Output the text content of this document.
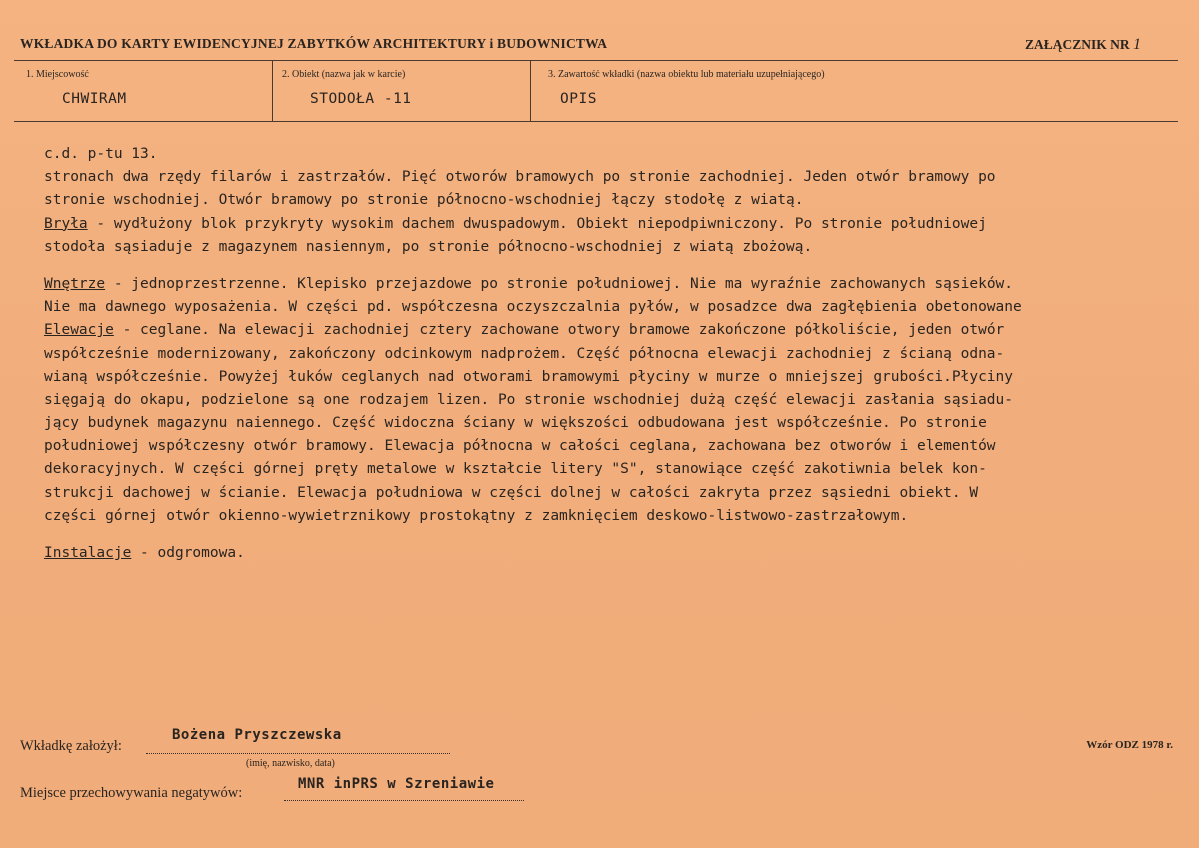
WKŁADKA DO KARTY EWIDENCYJNEJ ZABYTKÓW ARCHITEKTURY i BUDOWNICTWA	ZAŁĄCZNIK NR 1
1. Miejscowość
CHWIRAM
2. Obiekt (nazwa jak w karcie)
STODOŁA -11
3. Zawartość wkładki (nazwa obiektu lub materiału uzupełniającego)
OPIS
c.d. p-tu 13.
stronach dwa rzędy filarów i zastrzałów. Pięć otworów bramowych po stronie zachodniej. Jeden otwór bramowy po
stronie wschodniej. Otwór bramowy po stronie północno-wschodniej łączy stodołę z wiatą.
Bryła - wydłużony blok przykryty wysokim dachem dwuspadowym. Obiekt niepodpiwniczony. Po stronie południowej
stodoła sąsiaduje z magazynem nasiennym, po stronie północno-wschodniej z wiatą zbożową.
Wnętrze - jednoprzestrzenne. Klepisko przejazdowe po stronie południowej. Nie ma wyraźnie zachowanych sąsieków.
Nie ma dawnego wyposażenia. W części pd. współczesna oczyszczalnia pyłów, w posadzce dwa zagłębienia obetonowane
Elewacje - ceglane. Na elewacji zachodniej cztery zachowane otwory bramowe zakończone półkoliście, jeden otwór
współcześnie modernizowany, zakończony odcinkowym nadprożem. Część północna elewacji zachodniej z ścianą odna-
wianą współcześnie. Powyżej łuków ceglanych nad otworami bramowymi płyciny w murze o mniejszej grubości.Płyciny
sięgają do okapu, podzielone są one rodzajem lizen. Po stronie wschodniej dużą część elewacji zasłania sąsiadu-
jący budynek magazynu naiennego. Część widoczna ściany w większości odbudowana jest współcześnie. Po stronie
południowej współczesny otwór bramowy. Elewacja północna w całości ceglana, zachowana bez otworów i elementów
dekoracyjnych. W części górnej pręty metalowe w kształcie litery "S", stanowiące część zakotiwnia belek kon-
strukcji dachowej w ścianie. Elewacja południowa w części dolnej w całości zakryta przez sąsiedni obiekt. W
części górnej otwór okienno-wywietrznikowy prostokątny z zamknięciem deskowo-listwowo-zastrzałowym.
Instalacje - odgromowa.
Wkładkę założył:
Bożena Pryszczewska
(imię, nazwisko, data)
Miejsce przechowywania negatywów:
MNR inPRS w Szreniawie
Wzór ODZ 1978 r.
